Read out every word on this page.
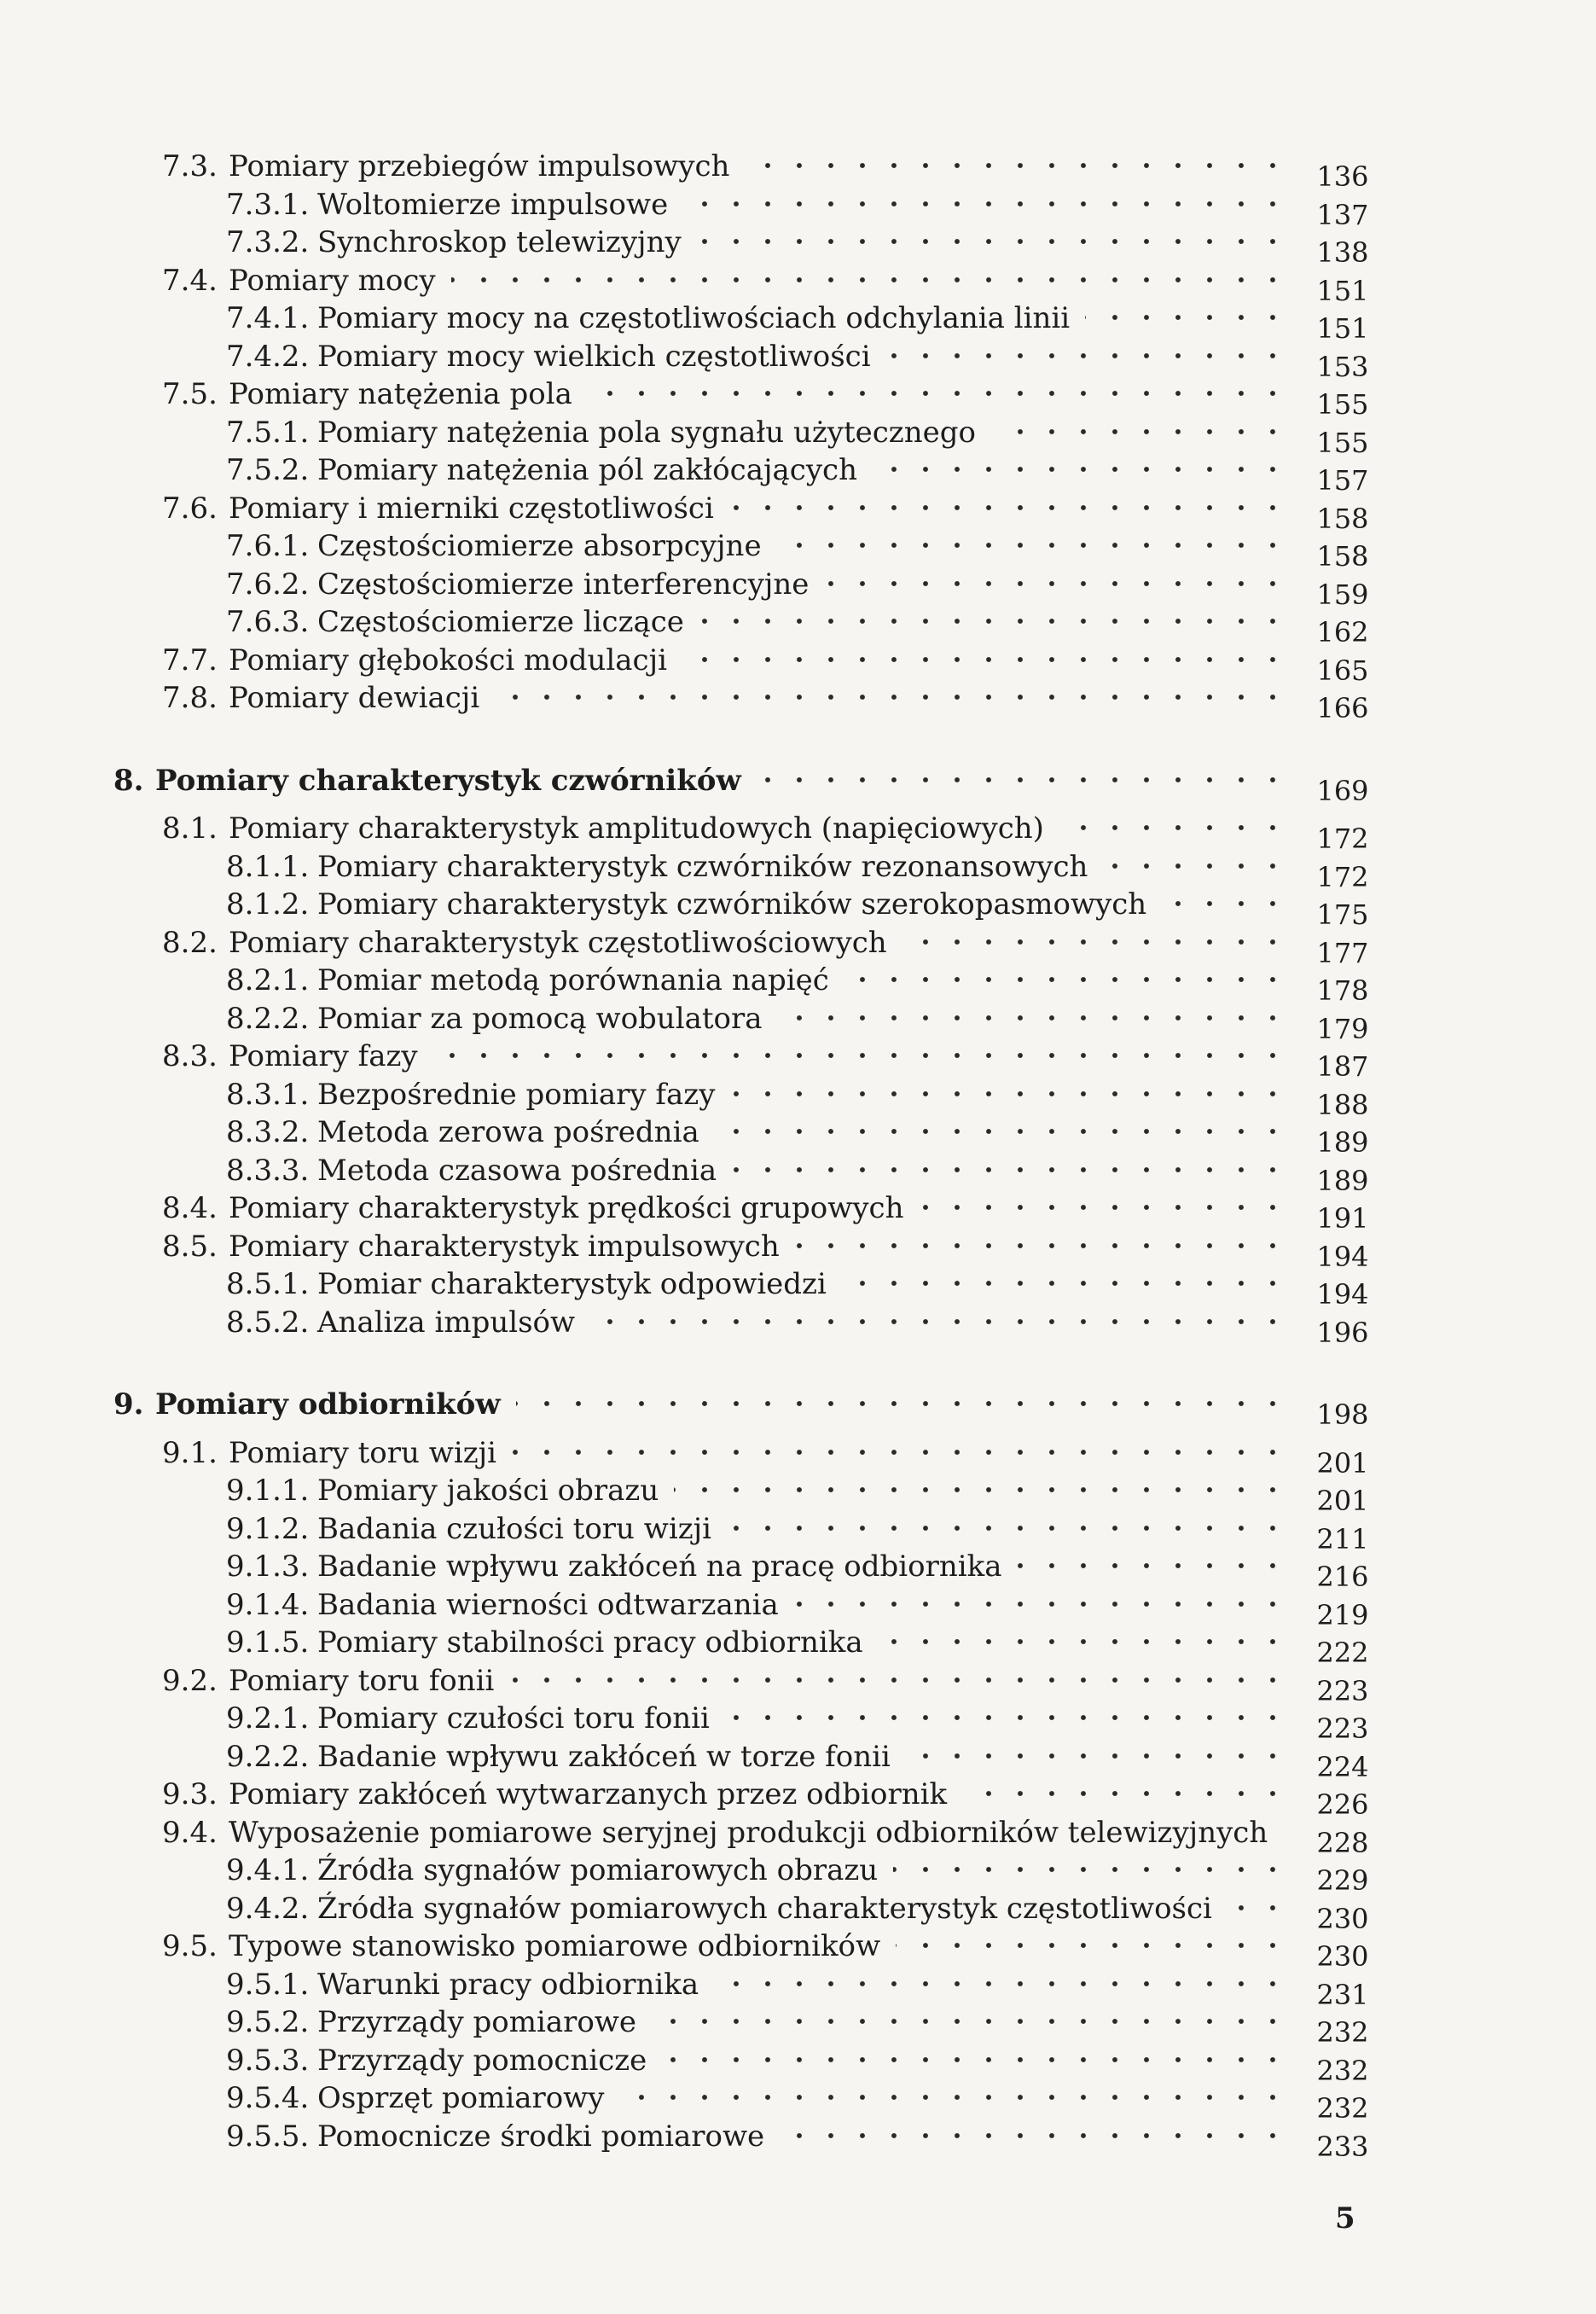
7.3. Pomiary przebiegów impulsowych	136
7.3.1. Woltomierze impulsowe	137
7.3.2. Synchroskop telewizyjny	138
7.4. Pomiary mocy	151
7.4.1. Pomiary mocy na częstotliwościach odchylania linii	151
7.4.2. Pomiary mocy wielkich częstotliwości	153
7.5. Pomiary natężenia pola	155
7.5.1. Pomiary natężenia pola sygnału użytecznego	155
7.5.2. Pomiary natężenia pól zakłócających	157
7.6. Pomiary i mierniki częstotliwości	158
7.6.1. Częstościomierze absorpcyjne	158
7.6.2. Częstościomierze interferencyjne	159
7.6.3. Częstościomierze liczące	162
7.7. Pomiary głębokości modulacji	165
7.8. Pomiary dewiacji	166
8. Pomiary charakterystyk czwórników	169
8.1. Pomiary charakterystyk amplitudowych (napięciowych)	172
8.1.1. Pomiary charakterystyk czwórników rezonansowych	172
8.1.2. Pomiary charakterystyk czwórników szerokopasmowych	175
8.2. Pomiary charakterystyk częstotliwościowych	177
8.2.1. Pomiar metodą porównania napięć	178
8.2.2. Pomiar za pomocą wobulatora	179
8.3. Pomiary fazy	187
8.3.1. Bezpośrednie pomiary fazy	188
8.3.2. Metoda zerowa pośrednia	189
8.3.3. Metoda czasowa pośrednia	189
8.4. Pomiary charakterystyk prędkości grupowych	191
8.5. Pomiary charakterystyk impulsowych	194
8.5.1. Pomiar charakterystyk odpowiedzi	194
8.5.2. Analiza impulsów	196
9. Pomiary odbiorników	198
9.1. Pomiary toru wizji	201
9.1.1. Pomiary jakości obrazu	201
9.1.2. Badania czułości toru wizji	211
9.1.3. Badanie wpływu zakłóceń na pracę odbiornika	216
9.1.4. Badania wierności odtwarzania	219
9.1.5. Pomiary stabilności pracy odbiornika	222
9.2. Pomiary toru fonii	223
9.2.1. Pomiary czułości toru fonii	223
9.2.2. Badanie wpływu zakłóceń w torze fonii	224
9.3. Pomiary zakłóceń wytwarzanych przez odbiornik	226
9.4. Wyposażenie pomiarowe seryjnej produkcji odbiorników telewizyjnych 228
9.4.1. Źródła sygnałów pomiarowych obrazu	229
9.4.2. Źródła sygnałów pomiarowych charakterystyk częstotliwości	230
9.5. Typowe stanowisko pomiarowe odbiorników	230
9.5.1. Warunki pracy odbiornika	231
9.5.2. Przyrządy pomiarowe	232
9.5.3. Przyrządy pomocnicze	232
9.5.4. Osprzęt pomiarowy	232
9.5.5. Pomocnicze środki pomiarowe	233
5
